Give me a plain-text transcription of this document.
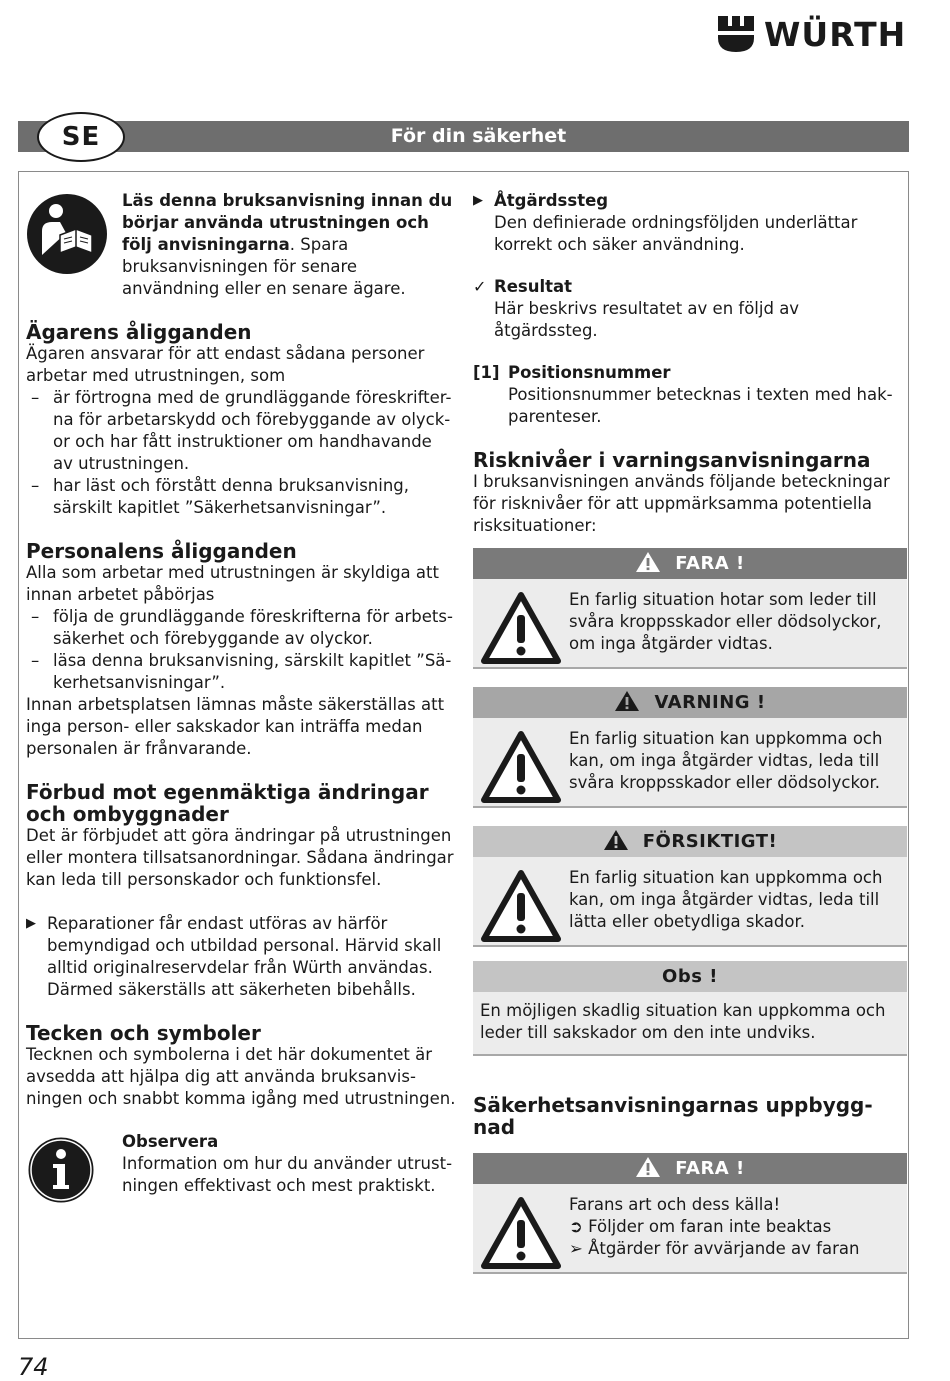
WÜRTH
För din säkerhet
SE

Läs denna bruksanvisning innan du börjar använda utrustningen och följ anvisningarna. Spara bruksanvisningen för senare användning eller en senare ägare.

Ägarens åligganden

Ägaren ansvarar för att endast sådana personer arbetar med utrustningen, som

– är förtrogna med de grundläggande föreskrifter-na för arbetarskydd och förebyggande av olyck-or och har fått instruktioner om handhavande av utrustningen.
– har läst och förstått denna bruksanvisning, särskilt kapitlet ”Säkerhetsanvisningar”.
Personalens åligganden

Alla som arbetar med utrustningen är skyldiga att innan arbetet påbörjas

– följa de grundläggande föreskrifterna för arbets-säkerhet och förebyggande av olyckor.
– läsa denna bruksanvisning, särskilt kapitlet ”Sä-kerhetsanvisningar”.

Innan arbetsplatsen lämnas måste säkerställas att inga person- eller sakskador kan inträffa medan personalen är frånvarande.

Förbud mot egenmäktiga ändringar och ombyggnader

Det är förbjudet att göra ändringar på utrustningen eller montera tillsatsanordningar. Sådana ändringar kan leda till personskador och funktionsfel.

▶ Reparationer får endast utföras av härför bemyndigad och utbildad personal. Härvid skall alltid originalreservdelar från Würth användas. Därmed säkerställs att säkerheten bibehålls.
Tecken och symboler

Tecknen och symbolerna i det här dokumentet är avsedda att hjälpa dig att använda bruksanvis-ningen och snabbt komma igång med utrustningen.

Observera

Information om hur du använder utrust-ningen effektivast och mest praktiskt.

▶ Åtgärdssteg

Den definierade ordningsföljden underlättar korrekt och säker användning.

✓ Resultat

Här beskrivs resultatet av en följd av åtgärdssteg.

[1] Positionsnummer

Positionsnummer betecknas i texten med hak-parenteser.

Risknivåer i varningsanvisningarna

I bruksanvisningen används följande beteckningar för risknivåer för att uppmärksamma potentiella risksituationer:

FARA !

En farlig situation hotar som leder till svåra kroppsskador eller dödsolyckor, om inga åtgärder vidtas.

VARNING !

En farlig situation kan uppkomma och kan, om inga åtgärder vidtas, leda till svåra kroppsskador eller dödsolyckor.

FÖRSIKTIGT!

En farlig situation kan uppkomma och kan, om inga åtgärder vidtas, leda till lätta eller obetydliga skador.

Obs !

En möjligen skadlig situation kan uppkomma och leder till sakskador om den inte undviks.

Säkerhetsanvisningarnas uppbygg-nad
FARA !

Farans art och dess källa!

➲ Följder om faran inte beaktas

➢ Åtgärder för avvärjande av faran

74
